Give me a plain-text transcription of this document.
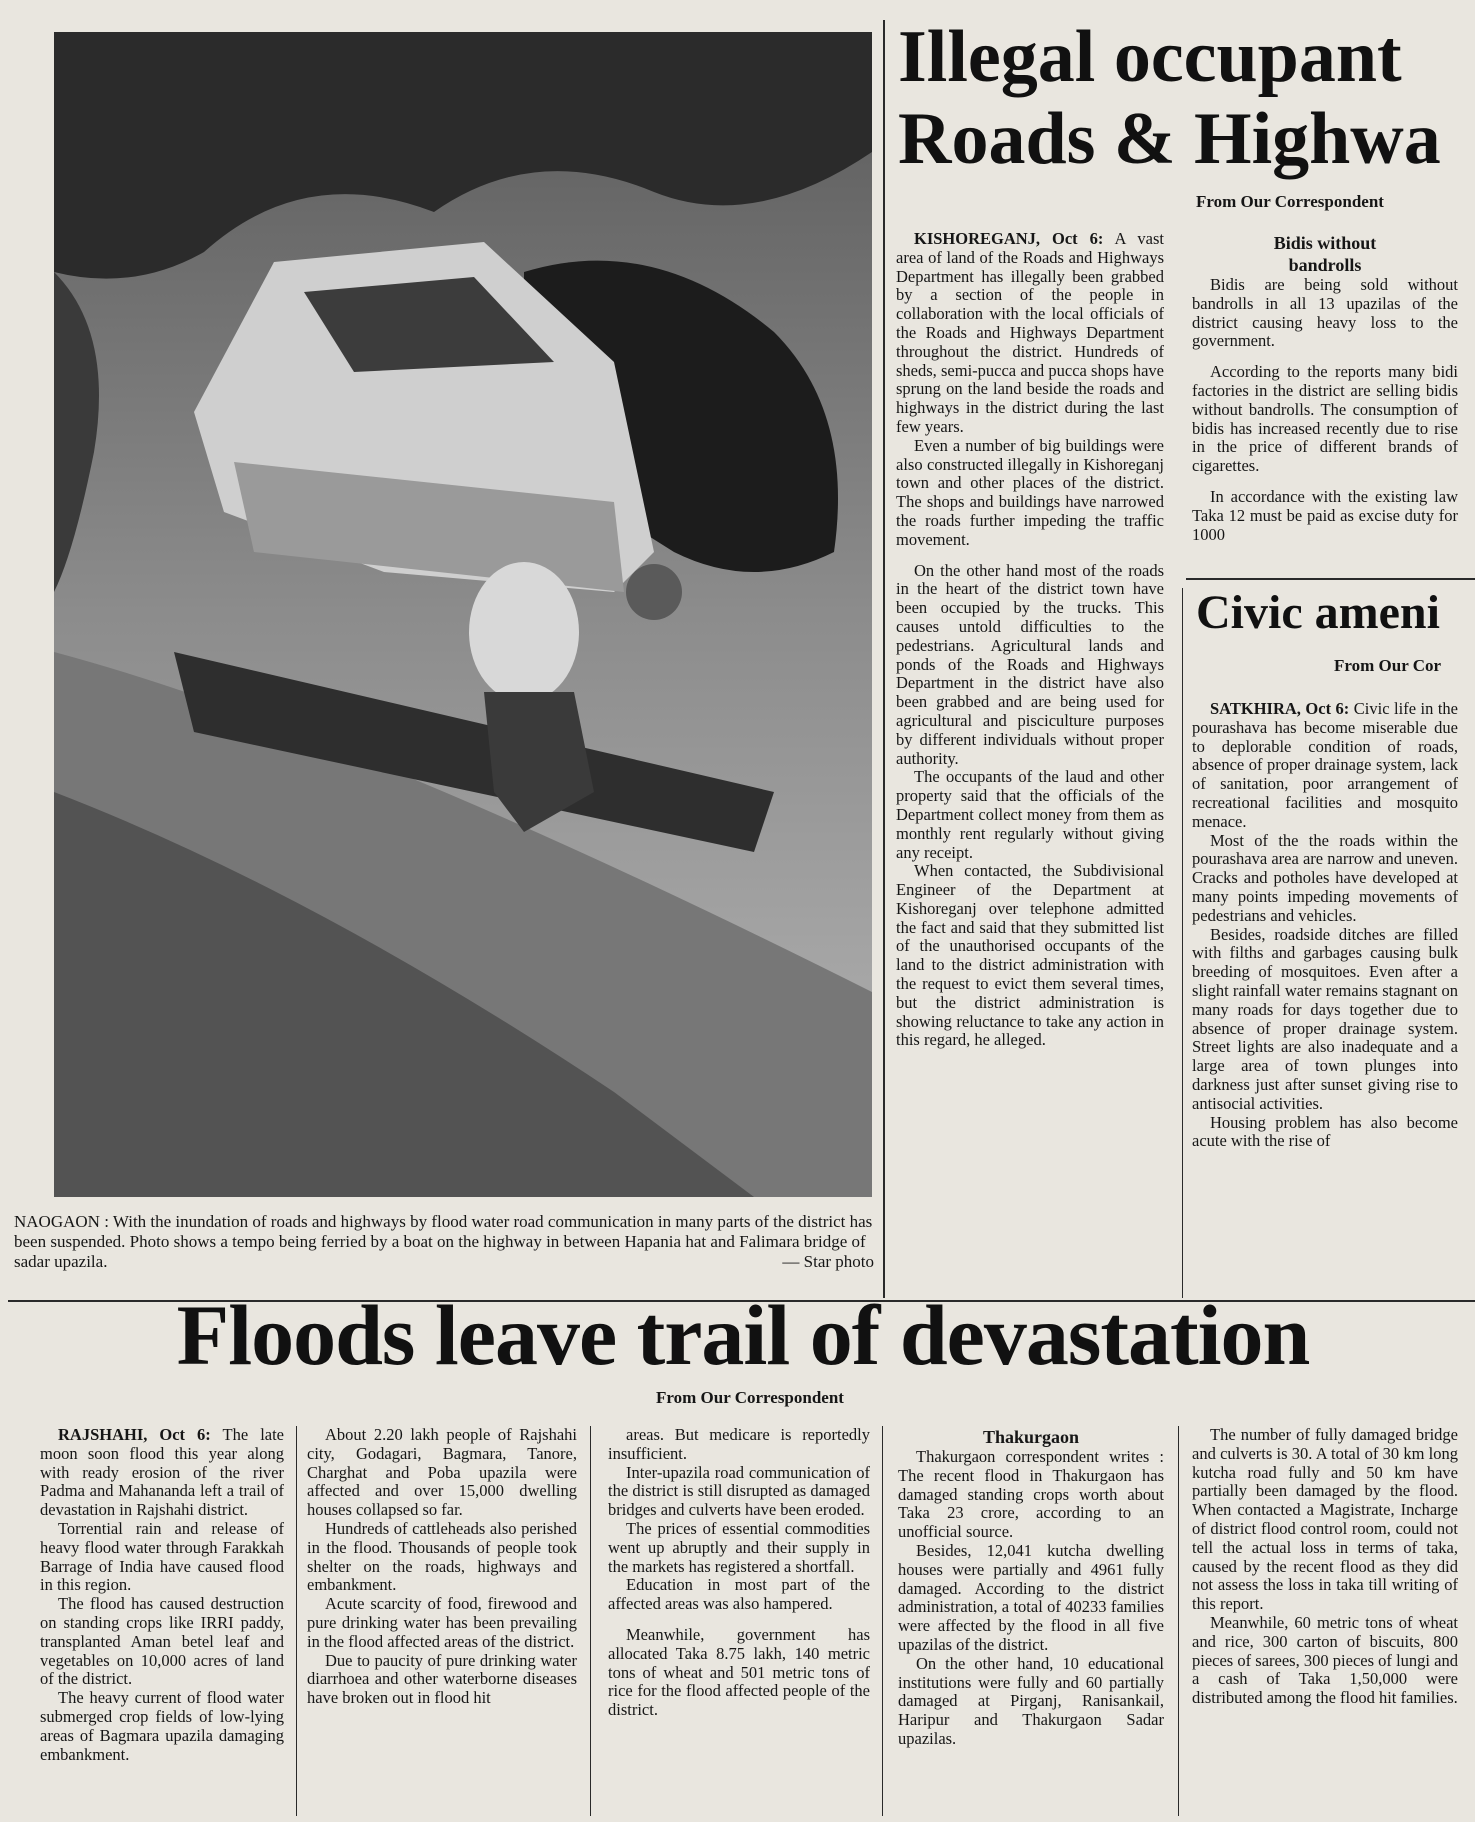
NAOGAON : With the inundation of roads and highways by flood water road communication in many parts of the district has been suspended. Photo shows a tempo being ferried by a boat on the highway in between Hapania hat and Falimara bridge of sadar upazila.	— Star photo
Illegal occupant
Roads & Highwa
From Our Correspondent

KISHOREGANJ, Oct 6: A vast area of land of the Roads and Highways Department has illegally been grabbed by a section of the people in collaboration with the local officials of the Roads and Highways Department throughout the district. Hundreds of sheds, semi-pucca and pucca shops have sprung on the land beside the roads and highways in the district during the last few years.

Even a number of big buildings were also constructed illegally in Kishoreganj town and other places of the district. The shops and buildings have narrowed the roads further impeding the traffic movement.

On the other hand most of the roads in the heart of the district town have been occupied by the trucks. This causes untold difficulties to the pedestrians. Agricultural lands and ponds of the Roads and Highways Department in the district have also been grabbed and are being used for agricultural and pisciculture purposes by different individuals without proper authority.

The occupants of the laud and other property said that the officials of the Department collect money from them as monthly rent regularly without giving any receipt.

When contacted, the Subdivisional Engineer of the Department at Kishoreganj over telephone admitted the fact and said that they submitted list of the unauthorised occupants of the land to the district administration with the request to evict them several times, but the district administration is showing reluctance to take any action in this regard, he alleged.

Bidis without bandrolls

Bidis are being sold without bandrolls in all 13 upazilas of the district causing heavy loss to the government.

According to the reports many bidi factories in the district are selling bidis without bandrolls. The consumption of bidis has increased recently due to rise in the price of different brands of cigarettes.

In accordance with the existing law Taka 12 must be paid as excise duty for 1000

Civic ameni
From Our Cor

SATKHIRA, Oct 6: Civic life in the pourashava has become miserable due to deplorable condition of roads, absence of proper drainage system, lack of sanitation, poor arrangement of recreational facilities and mosquito menace.

Most of the the roads within the pourashava area are narrow and uneven. Cracks and potholes have developed at many points impeding movements of pedestrians and vehicles.

Besides, roadside ditches are filled with filths and garbages causing bulk breeding of mosquitoes. Even after a slight rainfall water remains stagnant on many roads for days together due to absence of proper drainage system. Street lights are also inadequate and a large area of town plunges into darkness just after sunset giving rise to antisocial activities.

Housing problem has also become acute with the rise of

Floods leave trail of devastation
From Our Correspondent

RAJSHAHI, Oct 6: The late moon soon flood this year along with ready erosion of the river Padma and Mahananda left a trail of devastation in Rajshahi district.

Torrential rain and release of heavy flood water through Farakkah Barrage of India have caused flood in this region.

The flood has caused destruction on standing crops like IRRI paddy, transplanted Aman betel leaf and vegetables on 10,000 acres of land of the district.

The heavy current of flood water submerged crop fields of low-lying areas of Bagmara upazila damaging embankment.

About 2.20 lakh people of Rajshahi city, Godagari, Bagmara, Tanore, Charghat and Poba upazila were affected and over 15,000 dwelling houses collapsed so far.

Hundreds of cattleheads also perished in the flood. Thousands of people took shelter on the roads, highways and embankment.

Acute scarcity of food, firewood and pure drinking water has been prevailing in the flood affected areas of the district.

Due to paucity of pure drinking water diarrhoea and other waterborne diseases have broken out in flood hit

areas. But medicare is reportedly insufficient.

Inter-upazila road communication of the district is still disrupted as damaged bridges and culverts have been eroded.

The prices of essential commodities went up abruptly and their supply in the markets has registered a shortfall.

Education in most part of the affected areas was also hampered.

Meanwhile, government has allocated Taka 8.75 lakh, 140 metric tons of wheat and 501 metric tons of rice for the flood affected people of the district.

Thakurgaon

Thakurgaon correspondent writes : The recent flood in Thakurgaon has damaged standing crops worth about Taka 23 crore, according to an unofficial source.

Besides, 12,041 kutcha dwelling houses were partially and 4961 fully damaged. According to the district administration, a total of 40233 families were affected by the flood in all five upazilas of the district.

On the other hand, 10 educational institutions were fully and 60 partially damaged at Pirganj, Ranisankail, Haripur and Thakurgaon Sadar upazilas.

The number of fully damaged bridge and culverts is 30. A total of 30 km long kutcha road fully and 50 km have partially been damaged by the flood. When contacted a Magistrate, Incharge of district flood control room, could not tell the actual loss in terms of taka, caused by the recent flood as they did not assess the loss in taka till writing of this report.

Meanwhile, 60 metric tons of wheat and rice, 300 carton of biscuits, 800 pieces of sarees, 300 pieces of lungi and a cash of Taka 1,50,000 were distributed among the flood hit families.
